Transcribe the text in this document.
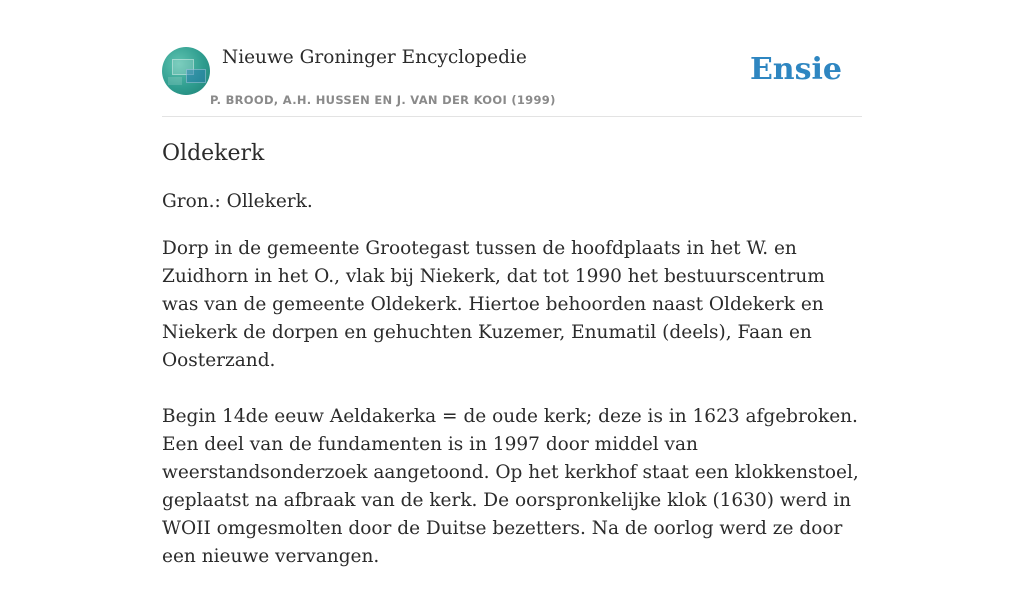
Nieuwe Groninger Encyclopedie
P. BROOD, A.H. HUSSEN EN J. VAN DER KOOI (1999)
Ensie
Oldekerk

Gron.: Ollekerk.

Dorp in de gemeente Grootegast tussen de hoofdplaats in het W. en Zuidhorn in het O., vlak bij Niekerk, dat tot 1990 het bestuurscentrum was van de gemeente Oldekerk. Hiertoe behoorden naast Oldekerk en Niekerk de dorpen en gehuchten Kuzemer, Enumatil (deels), Faan en Oosterzand.

Begin 14de eeuw Aeldakerka = de oude kerk; deze is in 1623 afgebroken. Een deel van de fundamenten is in 1997 door middel van weerstandsonderzoek aangetoond. Op het kerkhof staat een klokkenstoel, geplaatst na afbraak van de kerk. De oorspronkelijke klok (1630) werd in WOII omgesmolten door de Duitse bezetters. Na de oorlog werd ze door een nieuwe vervangen.
